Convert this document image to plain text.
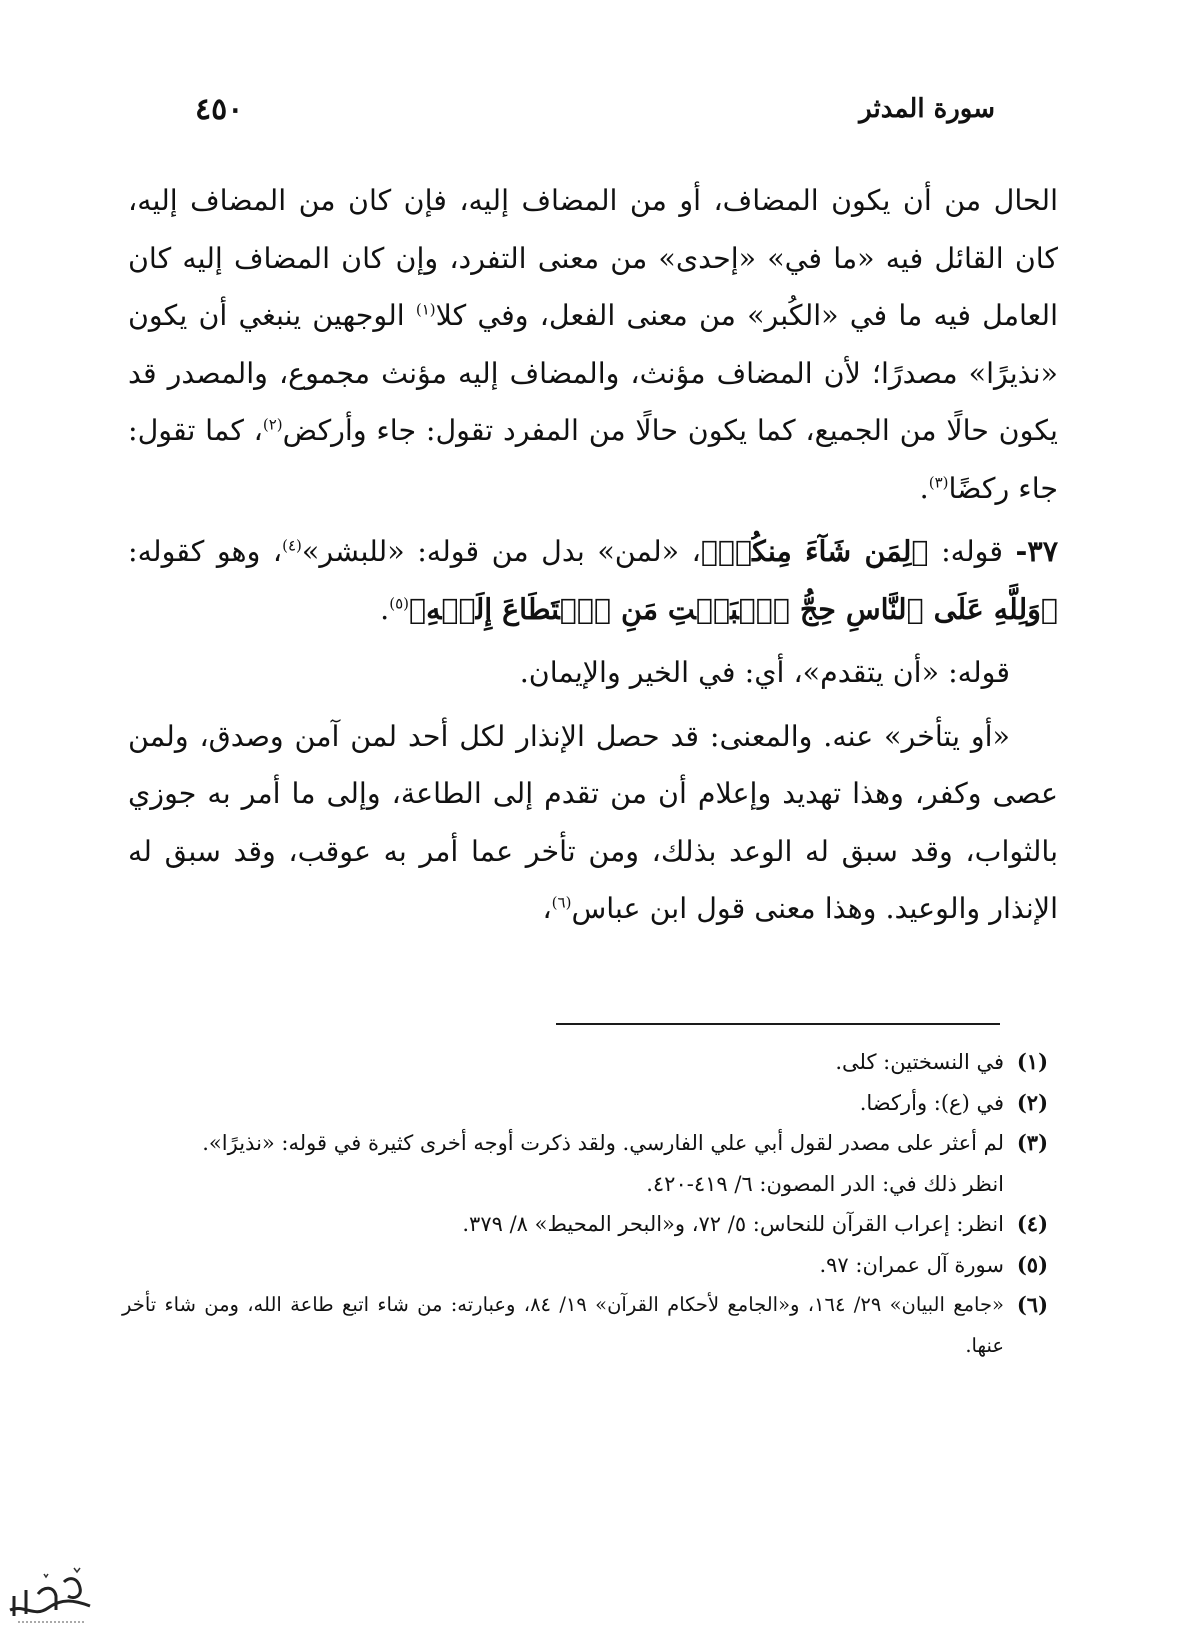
٤٥٠	سورة المدثر

الحال من أن يكون المضاف، أو من المضاف إليه، فإن كان من المضاف إليه، كان القائل فيه «ما في» «إحدى» من معنى التفرد، وإن كان المضاف إليه كان العامل فيه ما في «الكُبر» من معنى الفعل، وفي كلا$^{(١)}$ الوجهين ينبغي أن يكون «نذيرًا» مصدرًا؛ لأن المضاف مؤنث، والمضاف إليه مؤنث مجموع، والمصدر قد يكون حالًا من الجميع، كما يكون حالًا من المفرد تقول: جاء وأركض$^{(٢)}$، كما تقول: جاء ركضًا$^{(٣)}$.

٣٧- قوله: ﴿لِمَن شَآءَ مِنكُمۡ﴾، «لمن» بدل من قوله: «للبشر»$^{(٤)}$، وهو كقوله: ﴿وَلِلَّهِ عَلَى ٱلنَّاسِ حِجُّ ٱلۡبَيۡتِ مَنِ ٱسۡتَطَاعَ إِلَيۡهِ﴾$^{(٥)}$.

قوله: «أن يتقدم»، أي: في الخير والإيمان.

«أو يتأخر» عنه. والمعنى: قد حصل الإنذار لكل أحد لمن آمن وصدق، ولمن عصى وكفر، وهذا تهديد وإعلام أن من تقدم إلى الطاعة، وإلى ما أمر به جوزي بالثواب، وقد سبق له الوعد بذلك، ومن تأخر عما أمر به عوقب، وقد سبق له الإنذار والوعيد. وهذا معنى قول ابن عباس$^{(٦)}$،

(١)
في النسختين: كلى.
(٢)
في (ع): وأركضا.
(٣)
لم أعثر على مصدر لقول أبي علي الفارسي. ولقد ذكرت أوجه أخرى كثيرة في قوله: «نذيرًا».
انظر ذلك في: الدر المصون: ٦/ ٤١٩-٤٢٠.
(٤)
انظر: إعراب القرآن للنحاس: ٥/ ٧٢، و«البحر المحيط» ٨/ ٣٧٩.
(٥)
سورة آل عمران: ٩٧.
(٦)
«جامع البيان» ٢٩/ ١٦٤، و«الجامع لأحكام القرآن» ١٩/ ٨٤، وعبارته: من شاء اتبع طاعة الله، ومن شاء تأخر عنها.
